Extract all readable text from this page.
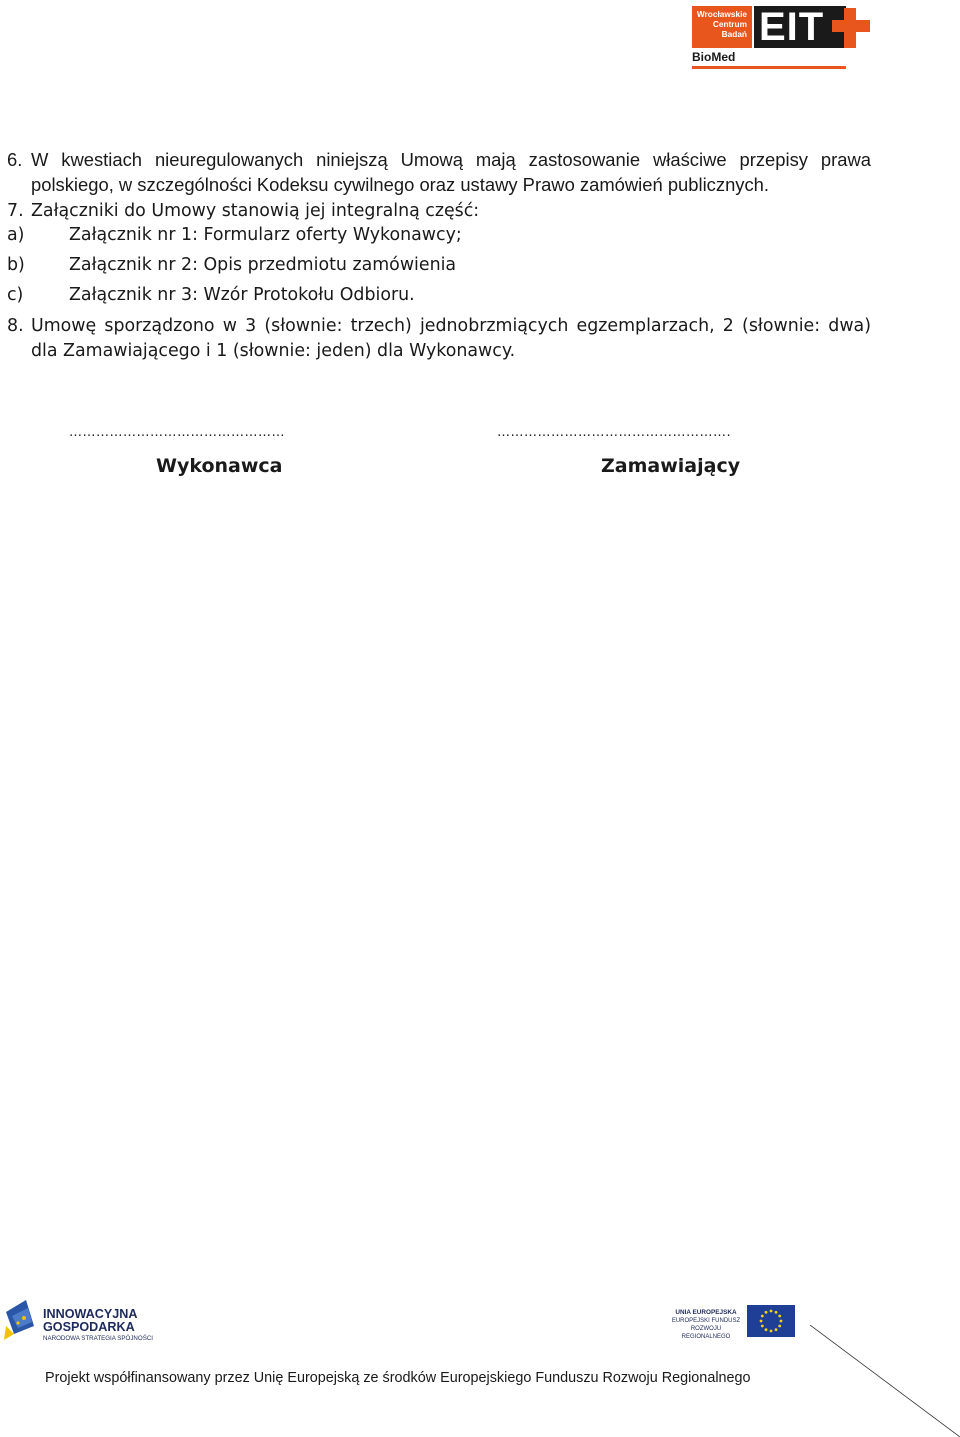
Wrocławskie
Centrum
Badań EIT
BioMed
6. W kwestiach nieuregulowanych niniejszą Umową mają zastosowanie właściwe przepisy prawa
polskiego, w szczególności Kodeksu cywilnego oraz ustawy Prawo zamówień publicznych.
7. Załączniki do Umowy stanowią jej integralną część:
a)	Załącznik nr 1: Formularz oferty Wykonawcy;
b)	Załącznik nr 2: Opis przedmiotu zamówienia
c)	Załącznik nr 3: Wzór Protokołu Odbioru.
8. Umowę sporządzono w 3 (słownie: trzech) jednobrzmiących egzemplarzach, 2 (słownie: dwa)
dla Zamawiającego i 1 (słownie: jeden) dla Wykonawcy.
…………………………………………
Wykonawca
…………………………………………….
Zamawiający
INNOWACYJNA
GOSPODARKA
NARODOWA STRATEGIA SPÓJNOŚCI
UNIA EUROPEJSKA
EUROPEJSKI FUNDUSZ
ROZWOJU REGIONALNEGO
Projekt współfinansowany przez Unię Europejską ze środków Europejskiego Funduszu Rozwoju Regionalnego
